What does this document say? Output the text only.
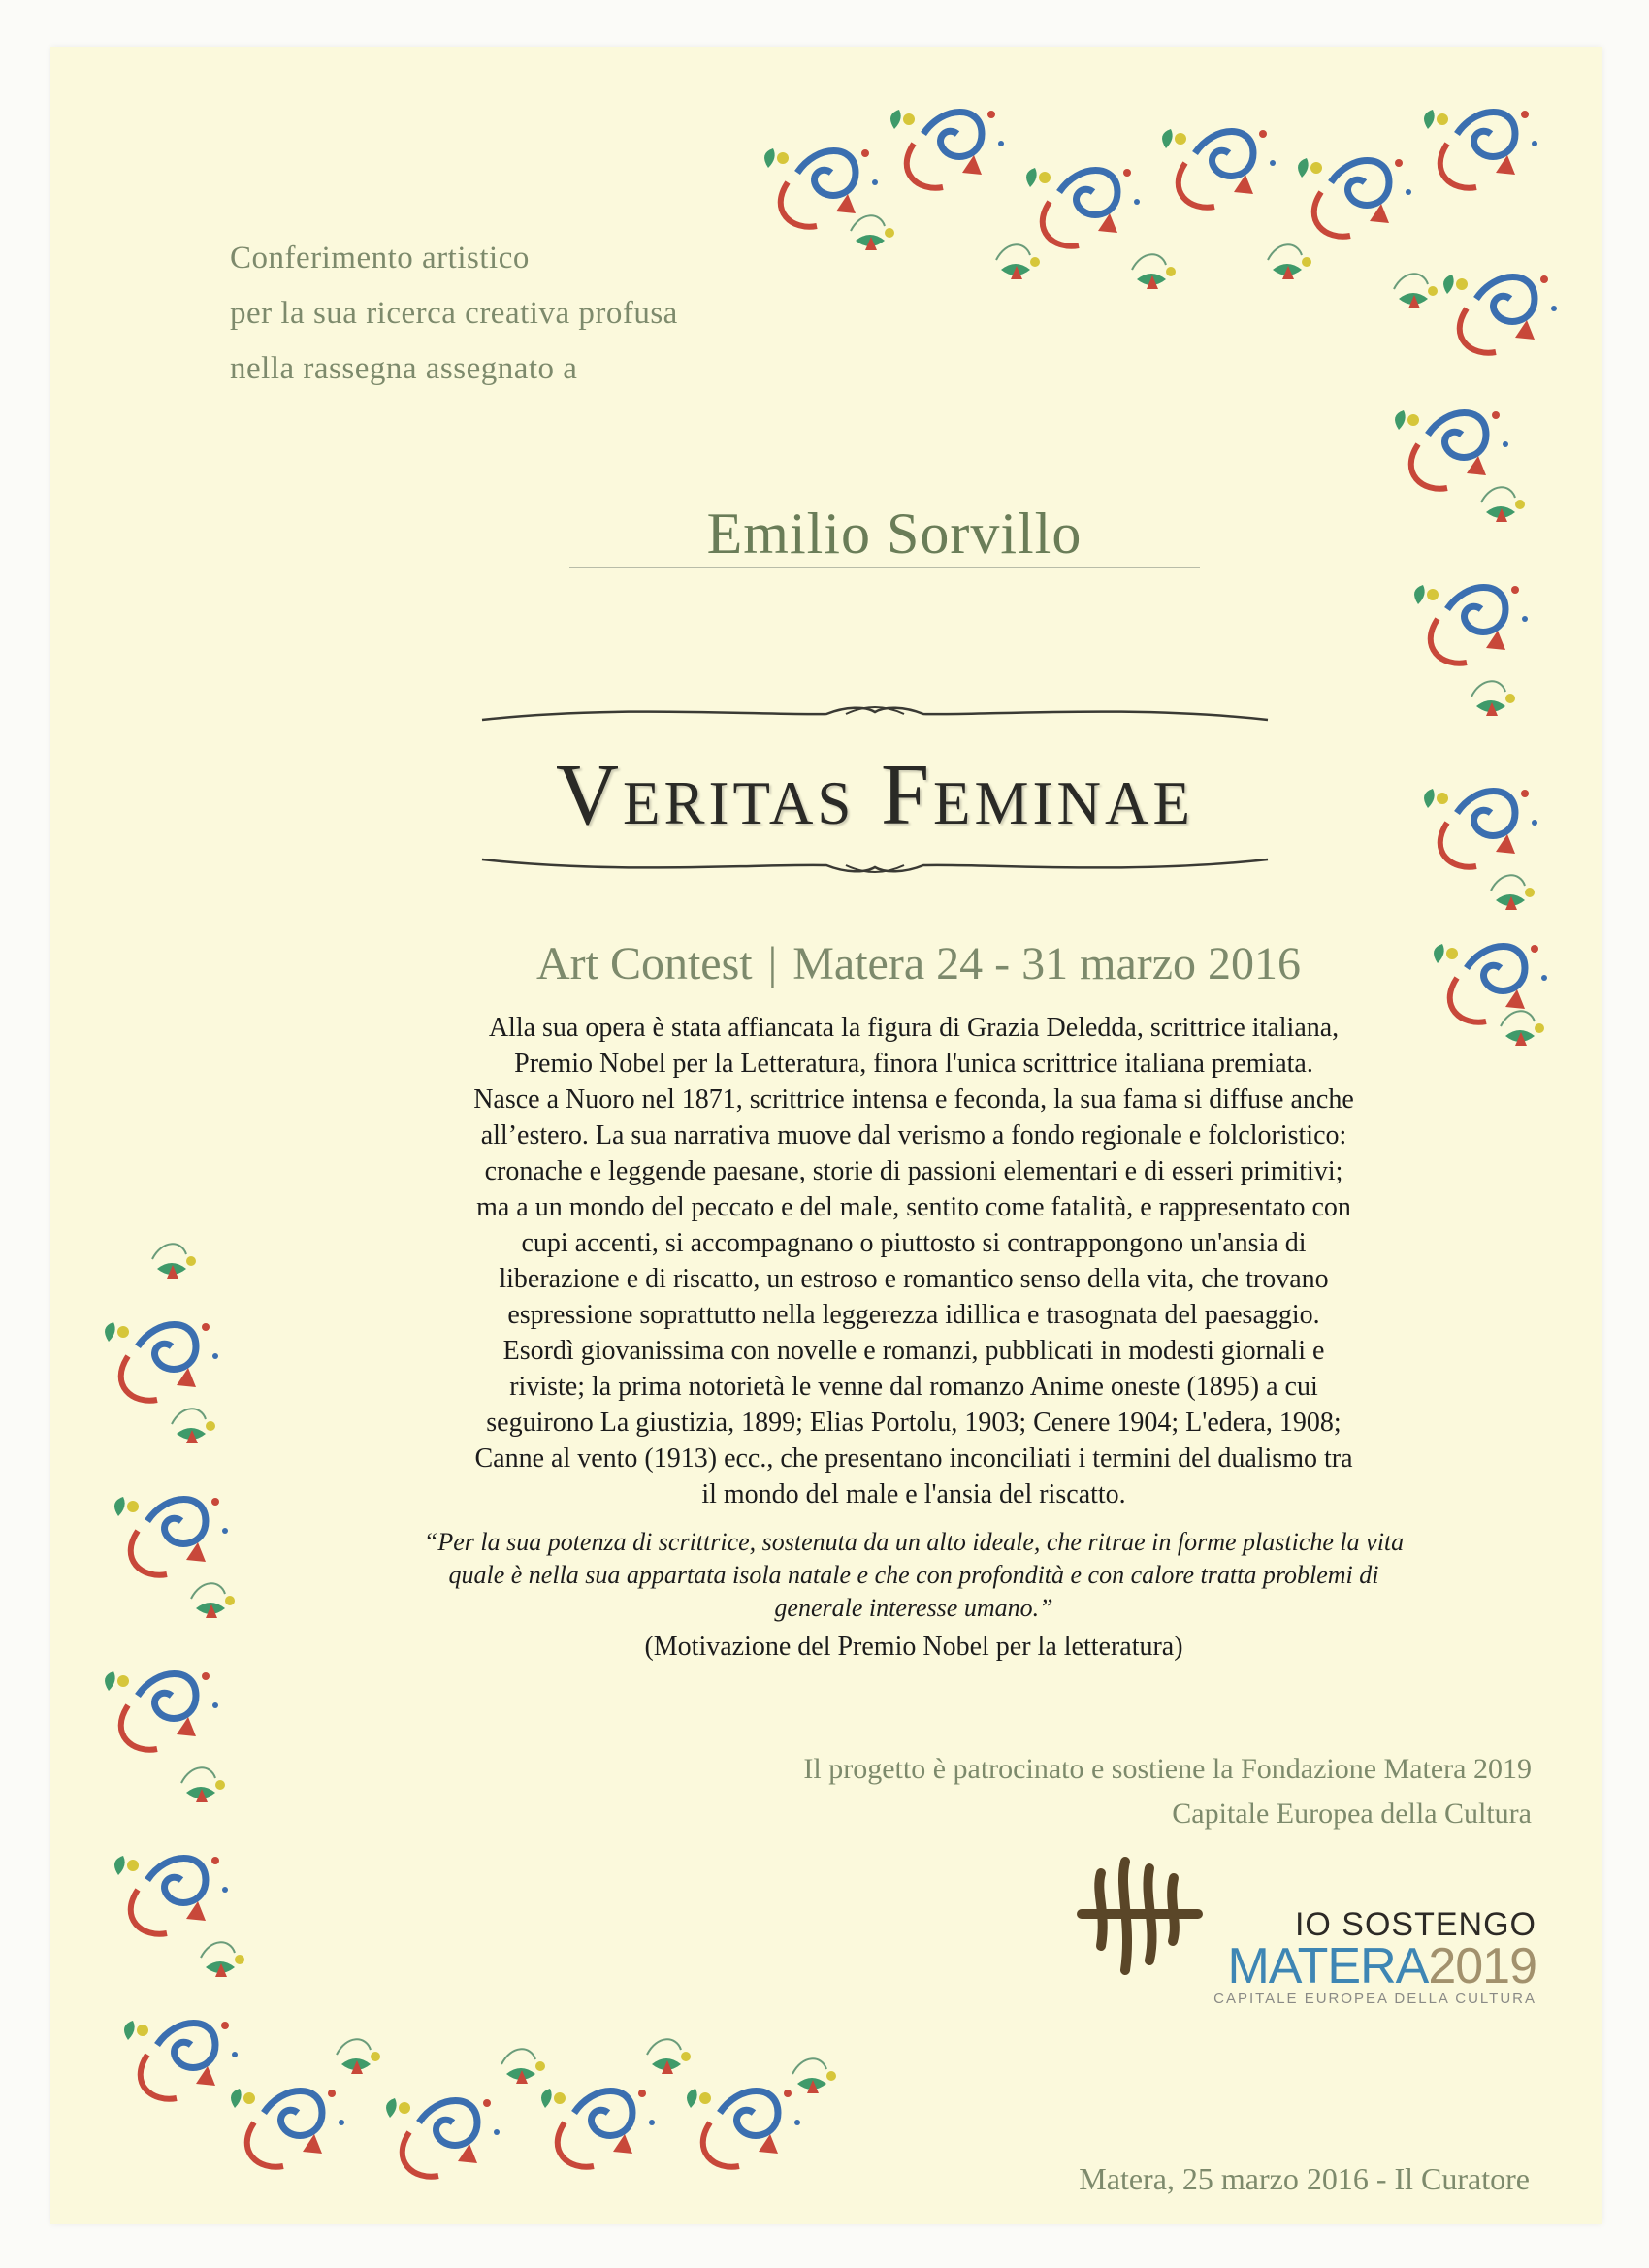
Conferimento artistico
per la sua ricerca creativa profusa
nella rassegna assegnato a
Emilio Sorvillo
Veritas Feminae
Art Contest | Matera 24 - 31 marzo 2016
Alla sua opera è stata affiancata la figura di Grazia Deledda, scrittrice italiana,
Premio Nobel per la Letteratura, finora l'unica scrittrice italiana premiata.
Nasce a Nuoro nel 1871, scrittrice intensa e feconda, la sua fama si diffuse anche
all’estero. La sua narrativa muove dal verismo a fondo regionale e folcloristico:
cronache e leggende paesane, storie di passioni elementari e di esseri primitivi;
ma a un mondo del peccato e del male, sentito come fatalità, e rappresentato con
cupi accenti, si accompagnano o piuttosto si contrappongono un'ansia di
liberazione e di riscatto, un estroso e romantico senso della vita, che trovano
espressione soprattutto nella leggerezza idillica e trasognata del paesaggio.
Esordì giovanissima con novelle e romanzi, pubblicati in modesti giornali e
riviste; la prima notorietà le venne dal romanzo Anime oneste (1895) a cui
seguirono La giustizia, 1899; Elias Portolu, 1903; Cenere 1904; L'edera, 1908;
Canne al vento (1913) ecc., che presentano inconciliati i termini del dualismo tra
il mondo del male e l'ansia del riscatto.
“Per la sua potenza di scrittrice, sostenuta da un alto ideale, che ritrae in forme plastiche la vita
quale è nella sua appartata isola natale e che con profondità e con calore tratta problemi di
generale interesse umano.”
(Motivazione del Premio Nobel per la letteratura)
Il progetto è patrocinato e sostiene la Fondazione Matera 2019
Capitale Europea della Cultura
IO SOSTENGO
MATERA2019
CAPITALE EUROPEA DELLA CULTURA
Matera, 25 marzo 2016 - Il Curatore
